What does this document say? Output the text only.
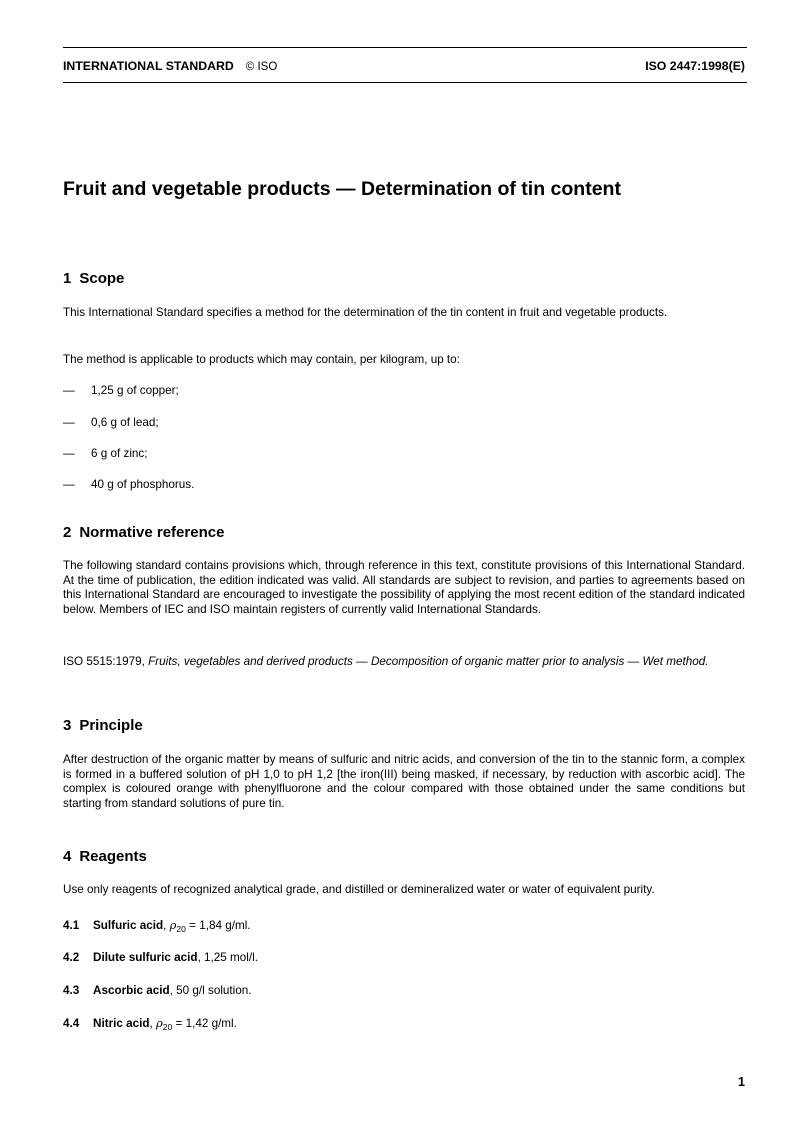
INTERNATIONAL STANDARD © ISO	ISO 2447:1998(E)
Fruit and vegetable products — Determination of tin content
1 Scope

This International Standard specifies a method for the determination of the tin content in fruit and vegetable products.

The method is applicable to products which may contain, per kilogram, up to:

— 1,25 g of copper;
— 0,6 g of lead;
— 6 g of zinc;
— 40 g of phosphorus.
2 Normative reference

The following standard contains provisions which, through reference in this text, constitute provisions of this International Standard. At the time of publication, the edition indicated was valid. All standards are subject to revision, and parties to agreements based on this International Standard are encouraged to investigate the possibility of applying the most recent edition of the standard indicated below. Members of IEC and ISO maintain registers of currently valid International Standards.

ISO 5515:1979, Fruits, vegetables and derived products — Decomposition of organic matter prior to analysis — Wet method.

3 Principle

After destruction of the organic matter by means of sulfuric and nitric acids, and conversion of the tin to the stannic form, a complex is formed in a buffered solution of pH 1,0 to pH 1,2 [the iron(III) being masked, if necessary, by reduction with ascorbic acid]. The complex is coloured orange with phenylfluorone and the colour compared with those obtained under the same conditions but starting from standard solutions of pure tin.

4 Reagents

Use only reagents of recognized analytical grade, and distilled or demineralized water or water of equivalent purity.

4.1 Sulfuric acid, $\rho_{20} = 1,84$ g/ml.
4.2 Dilute sulfuric acid, 1,25 mol/l.
4.3 Ascorbic acid, 50 g/l solution.
4.4 Nitric acid, $\rho_{20} = 1,42$ g/ml.
1
